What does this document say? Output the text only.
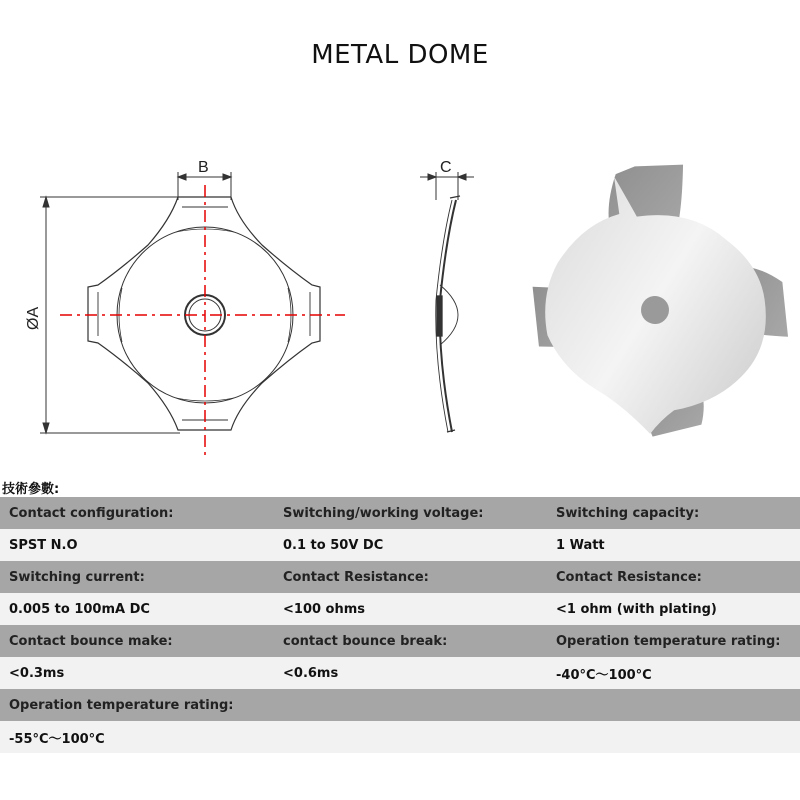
METAL DOME
ØA
B	C
技術參數:
Contact configuration:	Switching/working voltage:	Switching capacity:
SPST N.O	0.1 to 50V DC	1 Watt
Switching current:	Contact Resistance:	Contact Resistance:
0.005 to 100mA DC	<100 ohms	<1 ohm (with plating)
Contact bounce make:	contact bounce break:	Operation temperature rating:
<0.3ms	<0.6ms	-40°C～100°C
Operation temperature rating:
-55°C～100°C
